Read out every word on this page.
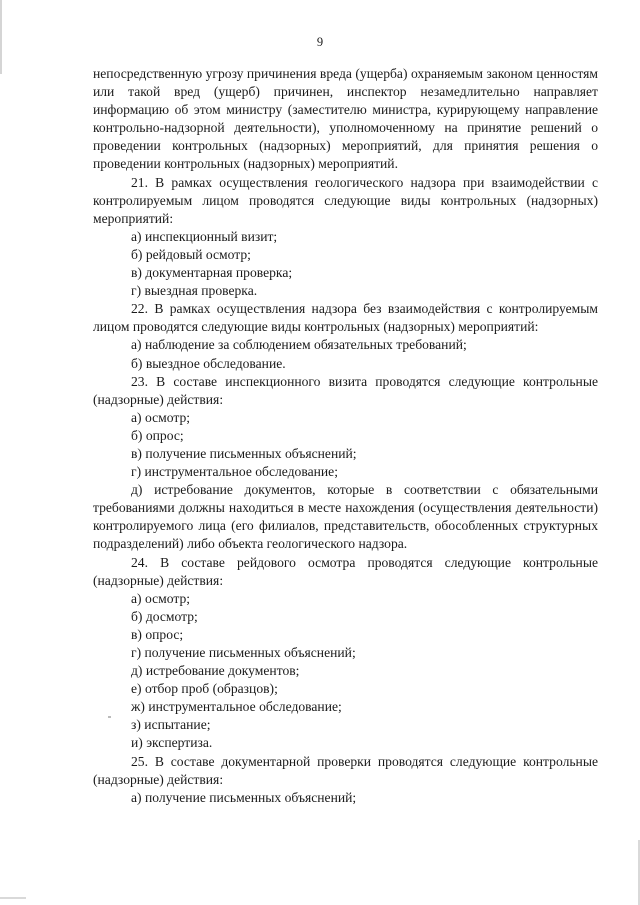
9

непосредственную угрозу причинения вреда (ущерба) охраняемым законом ценностям или такой вред (ущерб) причинен, инспектор незамедлительно направляет информацию об этом министру (заместителю министра, курирующему направление контрольно-надзорной деятельности), уполномоченному на принятие решений о проведении контрольных (надзорных) мероприятий, для принятия решения о проведении контрольных (надзорных) мероприятий.

21. В рамках осуществления геологического надзора при взаимодействии с контролируемым лицом проводятся следующие виды контрольных (надзорных) мероприятий:

а) инспекционный визит;

б) рейдовый осмотр;

в) документарная проверка;

г) выездная проверка.

22. В рамках осуществления надзора без взаимодействия с контролируемым лицом проводятся следующие виды контрольных (надзорных) мероприятий:

а) наблюдение за соблюдением обязательных требований;

б) выездное обследование.

23. В составе инспекционного визита проводятся следующие контрольные (надзорные) действия:

а) осмотр;

б) опрос;

в) получение письменных объяснений;

г) инструментальное обследование;

д) истребование документов, которые в соответствии с обязательными требованиями должны находиться в месте нахождения (осуществления деятельности) контролируемого лица (его филиалов, представительств, обособленных структурных подразделений) либо объекта геологического надзора.

24. В составе рейдового осмотра проводятся следующие контрольные (надзорные) действия:

а) осмотр;

б) досмотр;

в) опрос;

г) получение письменных объяснений;

д) истребование документов;

е) отбор проб (образцов);

ж) инструментальное обследование;

з) испытание;

и) экспертиза.

25. В составе документарной проверки проводятся следующие контрольные (надзорные) действия:

а) получение письменных объяснений;
